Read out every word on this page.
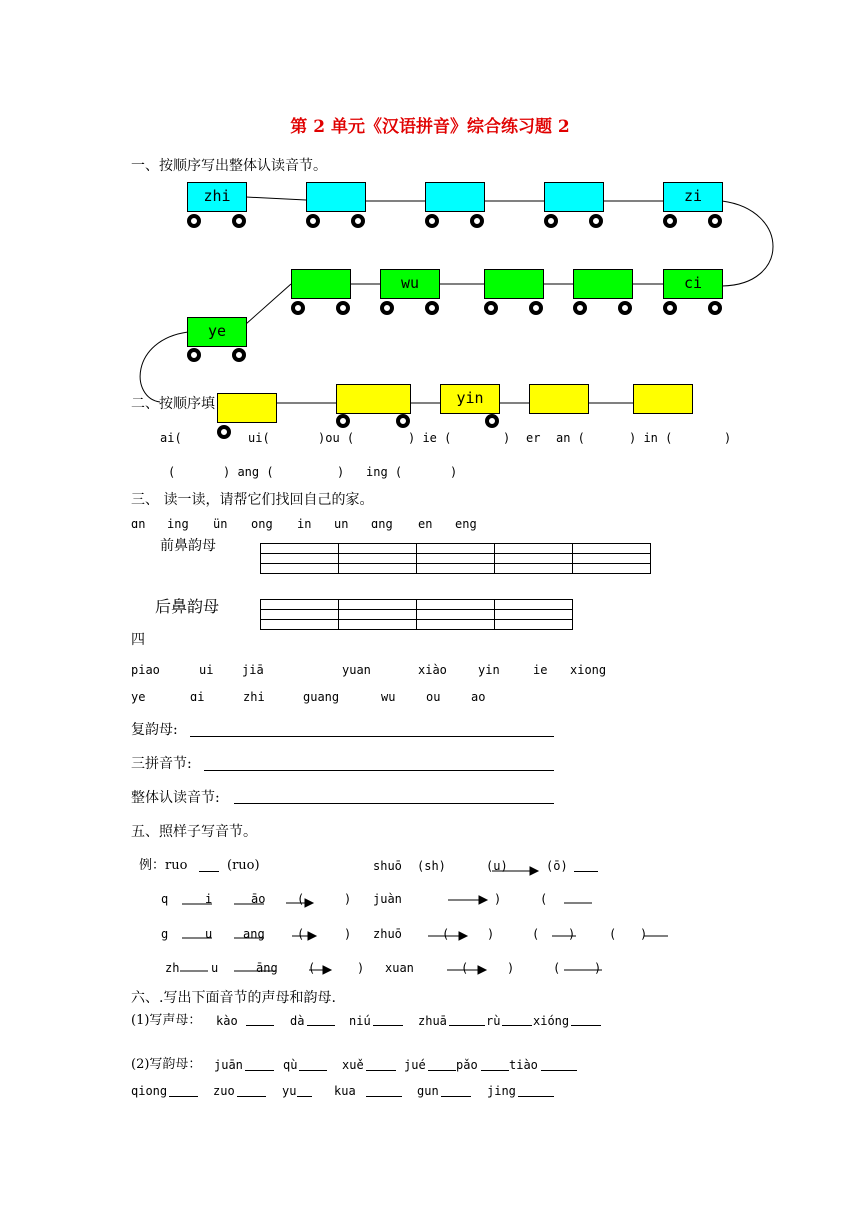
第 2 单元《汉语拼音》综合练习题 2
一、按顺序写出整体认读音节。
zhi	zi
wu	ci
ye
二、按顺序填	yin
ai(	ui(	)ou (	) ie (	) er an (	) in (	)
(	) ang (	) ing (	)
三、 读一读，请帮它们找回自己的家。
ɑn ing ün ong in un ɑng en eng
前鼻韵母

后鼻韵母

四
piao	ui jiā	yuan	xiào	yin	ie xiong
ye	ɑi	zhi	guang	wu	ou	ao
复韵母:
三拼音节:
整体认读音节:
五、照样子写音节。
例：ruo	(ruo)	shuō (sh)	(u)	(ō)
q	i	āo	(	) juàn	)	(
g	u	ang	(	) zhuō	(	)	( )	( )
zh	u	āng	(	) xuan	(	)	(	)
六、.写出下面音节的声母和韵母.
(1)写声母： kào	dà	niú	zhuā	rù	xióng
(2)写韵母： juān	qù	xuě	jué	pǎo	tiào
qiong	zuo	yu	kua	gun	jing
